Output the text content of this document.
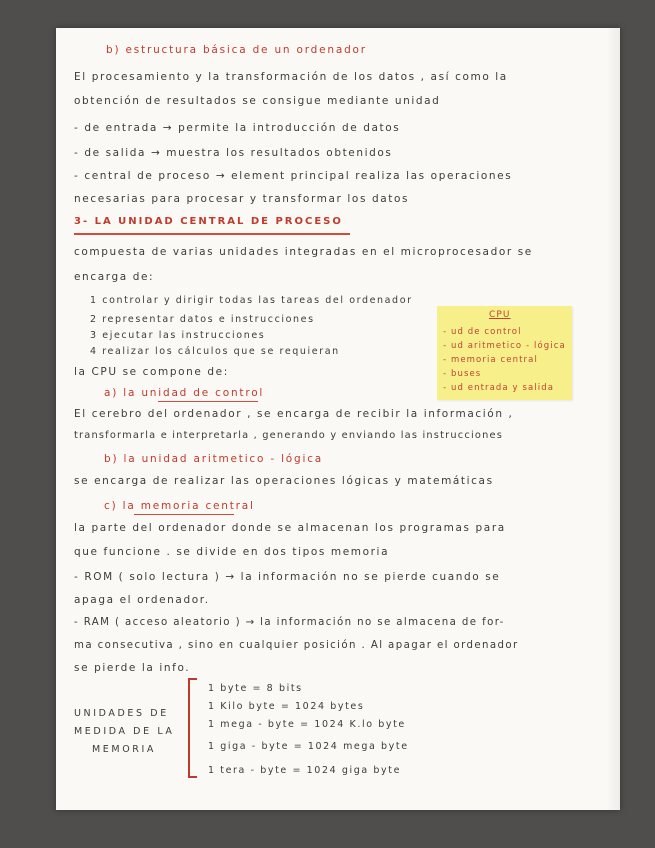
b) estructura básica de un ordenador
El procesamiento y la transformación de los datos , así como la
obtención de resultados se consigue mediante unidad
- de entrada → permite la introducción de datos
- de salida → muestra los resultados obtenidos
- central de proceso → element principal realiza las operaciones
necesarias para procesar y transformar los datos
3- LA UNIDAD CENTRAL DE PROCESO
compuesta de varias unidades integradas en el microprocesador se
encarga de:
1 controlar y dirigir todas las tareas del ordenador
2 representar datos e instrucciones
3 ejecutar las instrucciones
4 realizar los cálculos que se requieran
CPU
- ud de control
- ud aritmetico - lógica
- memoria central
- buses
- ud entrada y salida
la CPU se compone de:
a) la unidad de control
El cerebro del ordenador , se encarga de recibir la información ,
transformarla e interpretarla , generando y enviando las instrucciones
b) la unidad aritmetico - lógica
se encarga de realizar las operaciones lógicas y matemáticas
c) la memoria central
la parte del ordenador donde se almacenan los programas para
que funcione . se divide en dos tipos memoria
- ROM ( solo lectura ) → la información no se pierde cuando se
apaga el ordenador.
- RAM ( acceso aleatorio ) → la información no se almacena de for-
ma consecutiva , sino en cualquier posición . Al apagar el ordenador
se pierde la info.
UNIDADES DE
MEDIDA DE LA
MEMORIA
1 byte = 8 bits
1 Kilo byte = 1024 bytes
1 mega - byte = 1024 K.lo byte
1 giga - byte = 1024 mega byte
1 tera - byte = 1024 giga byte
